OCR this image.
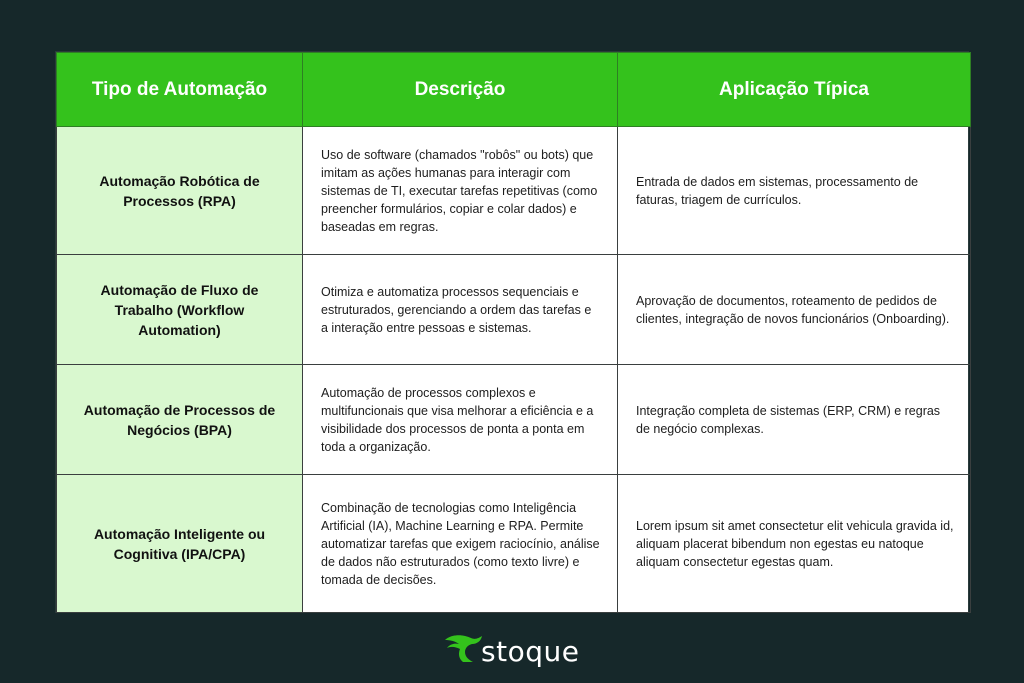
Tipo de Automação	Descrição	Aplicação Típica
Automação Robótica de Processos (RPA)	Uso de software (chamados "robôs" ou bots) que imitam as ações humanas para interagir com sistemas de TI, executar tarefas repetitivas (como preencher formulários, copiar e colar dados) e baseadas em regras.	Entrada de dados em sistemas, processamento de faturas, triagem de currículos.
Automação de Fluxo de Trabalho (Workflow Automation)	Otimiza e automatiza processos sequenciais e estruturados, gerenciando a ordem das tarefas e a interação entre pessoas e sistemas.	Aprovação de documentos, roteamento de pedidos de clientes, integração de novos funcionários (Onboarding).
Automação de Processos de Negócios (BPA)	Automação de processos complexos e multifuncionais que visa melhorar a eficiência e a visibilidade dos processos de ponta a ponta em toda a organização.	Integração completa de sistemas (ERP, CRM) e regras de negócio complexas.
Automação Inteligente ou Cognitiva (IPA/CPA)	Combinação de tecnologias como Inteligência Artificial (IA), Machine Learning e RPA. Permite automatizar tarefas que exigem raciocínio, análise de dados não estruturados (como texto livre) e tomada de decisões.	Lorem ipsum sit amet consectetur elit vehicula gravida id, aliquam placerat bibendum non egestas eu natoque aliquam consectetur egestas quam.
stoque
